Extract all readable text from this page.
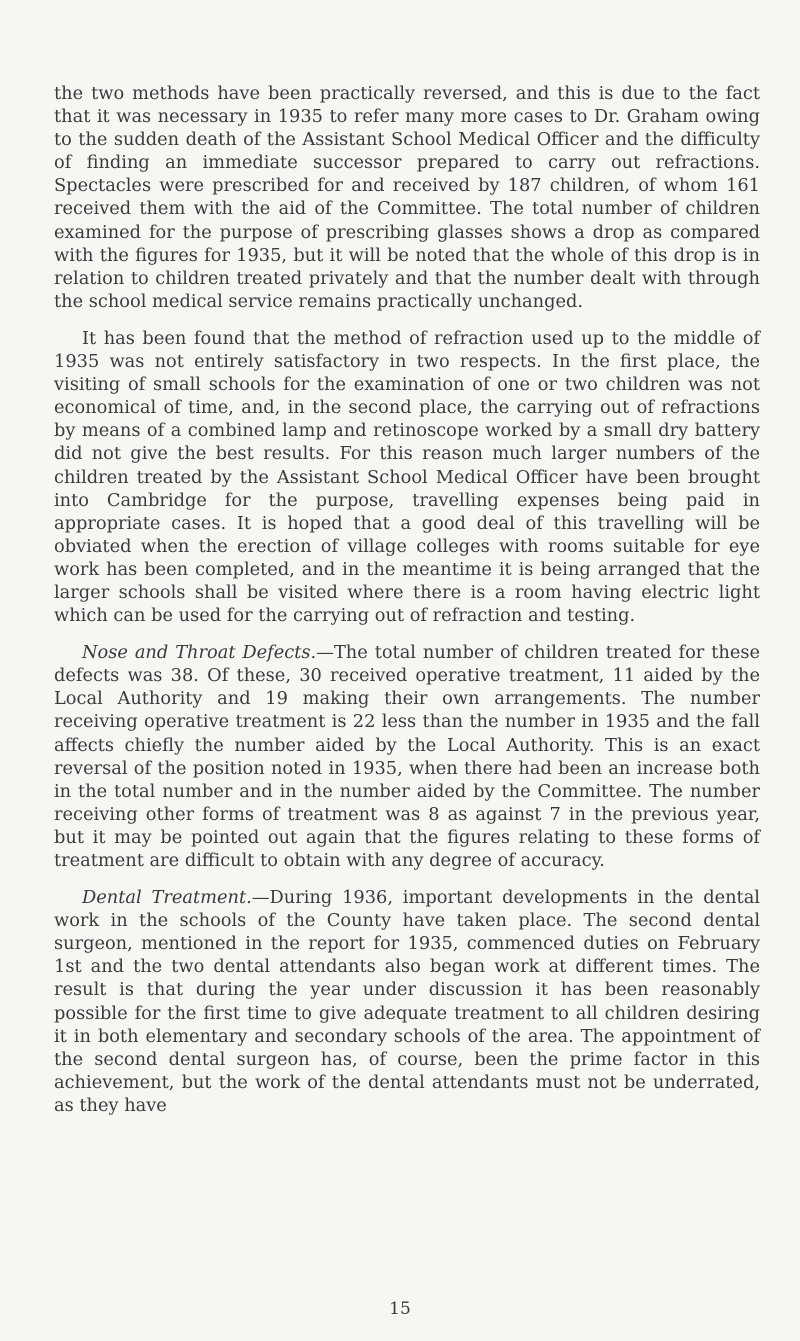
the two methods have been practically reversed, and this is due to the fact that it was necessary in 1935 to refer many more cases to Dr. Graham owing to the sudden death of the Assistant School Medical Officer and the difficulty of finding an immediate successor prepared to carry out refractions. Spectacles were prescribed for and received by 187 children, of whom 161 received them with the aid of the Committee. The total number of children examined for the purpose of prescribing glasses shows a drop as compared with the figures for 1935, but it will be noted that the whole of this drop is in relation to children treated privately and that the number dealt with through the school medical service remains practically unchanged.

It has been found that the method of refraction used up to the middle of 1935 was not entirely satisfactory in two respects. In the first place, the visiting of small schools for the examination of one or two children was not economical of time, and, in the second place, the carrying out of refractions by means of a combined lamp and retinoscope worked by a small dry battery did not give the best results. For this reason much larger numbers of the children treated by the Assistant School Medical Officer have been brought into Cambridge for the purpose, travelling expenses being paid in appropriate cases. It is hoped that a good deal of this travelling will be obviated when the erection of village colleges with rooms suitable for eye work has been completed, and in the meantime it is being arranged that the larger schools shall be visited where there is a room having electric light which can be used for the carrying out of refraction and testing.

Nose and Throat Defects.—The total number of children treated for these defects was 38. Of these, 30 received operative treatment, 11 aided by the Local Authority and 19 making their own arrangements. The number receiving operative treatment is 22 less than the number in 1935 and the fall affects chiefly the number aided by the Local Authority. This is an exact reversal of the position noted in 1935, when there had been an increase both in the total number and in the number aided by the Committee. The number receiving other forms of treatment was 8 as against 7 in the previous year, but it may be pointed out again that the figures relating to these forms of treatment are difficult to obtain with any degree of accuracy.

Dental Treatment.—During 1936, important developments in the dental work in the schools of the County have taken place. The second dental surgeon, mentioned in the report for 1935, commenced duties on February 1st and the two dental attendants also began work at different times. The result is that during the year under discussion it has been reasonably possible for the first time to give adequate treatment to all children desiring it in both elementary and secondary schools of the area. The appointment of the second dental surgeon has, of course, been the prime factor in this achievement, but the work of the dental attendants must not be underrated, as they have

15
